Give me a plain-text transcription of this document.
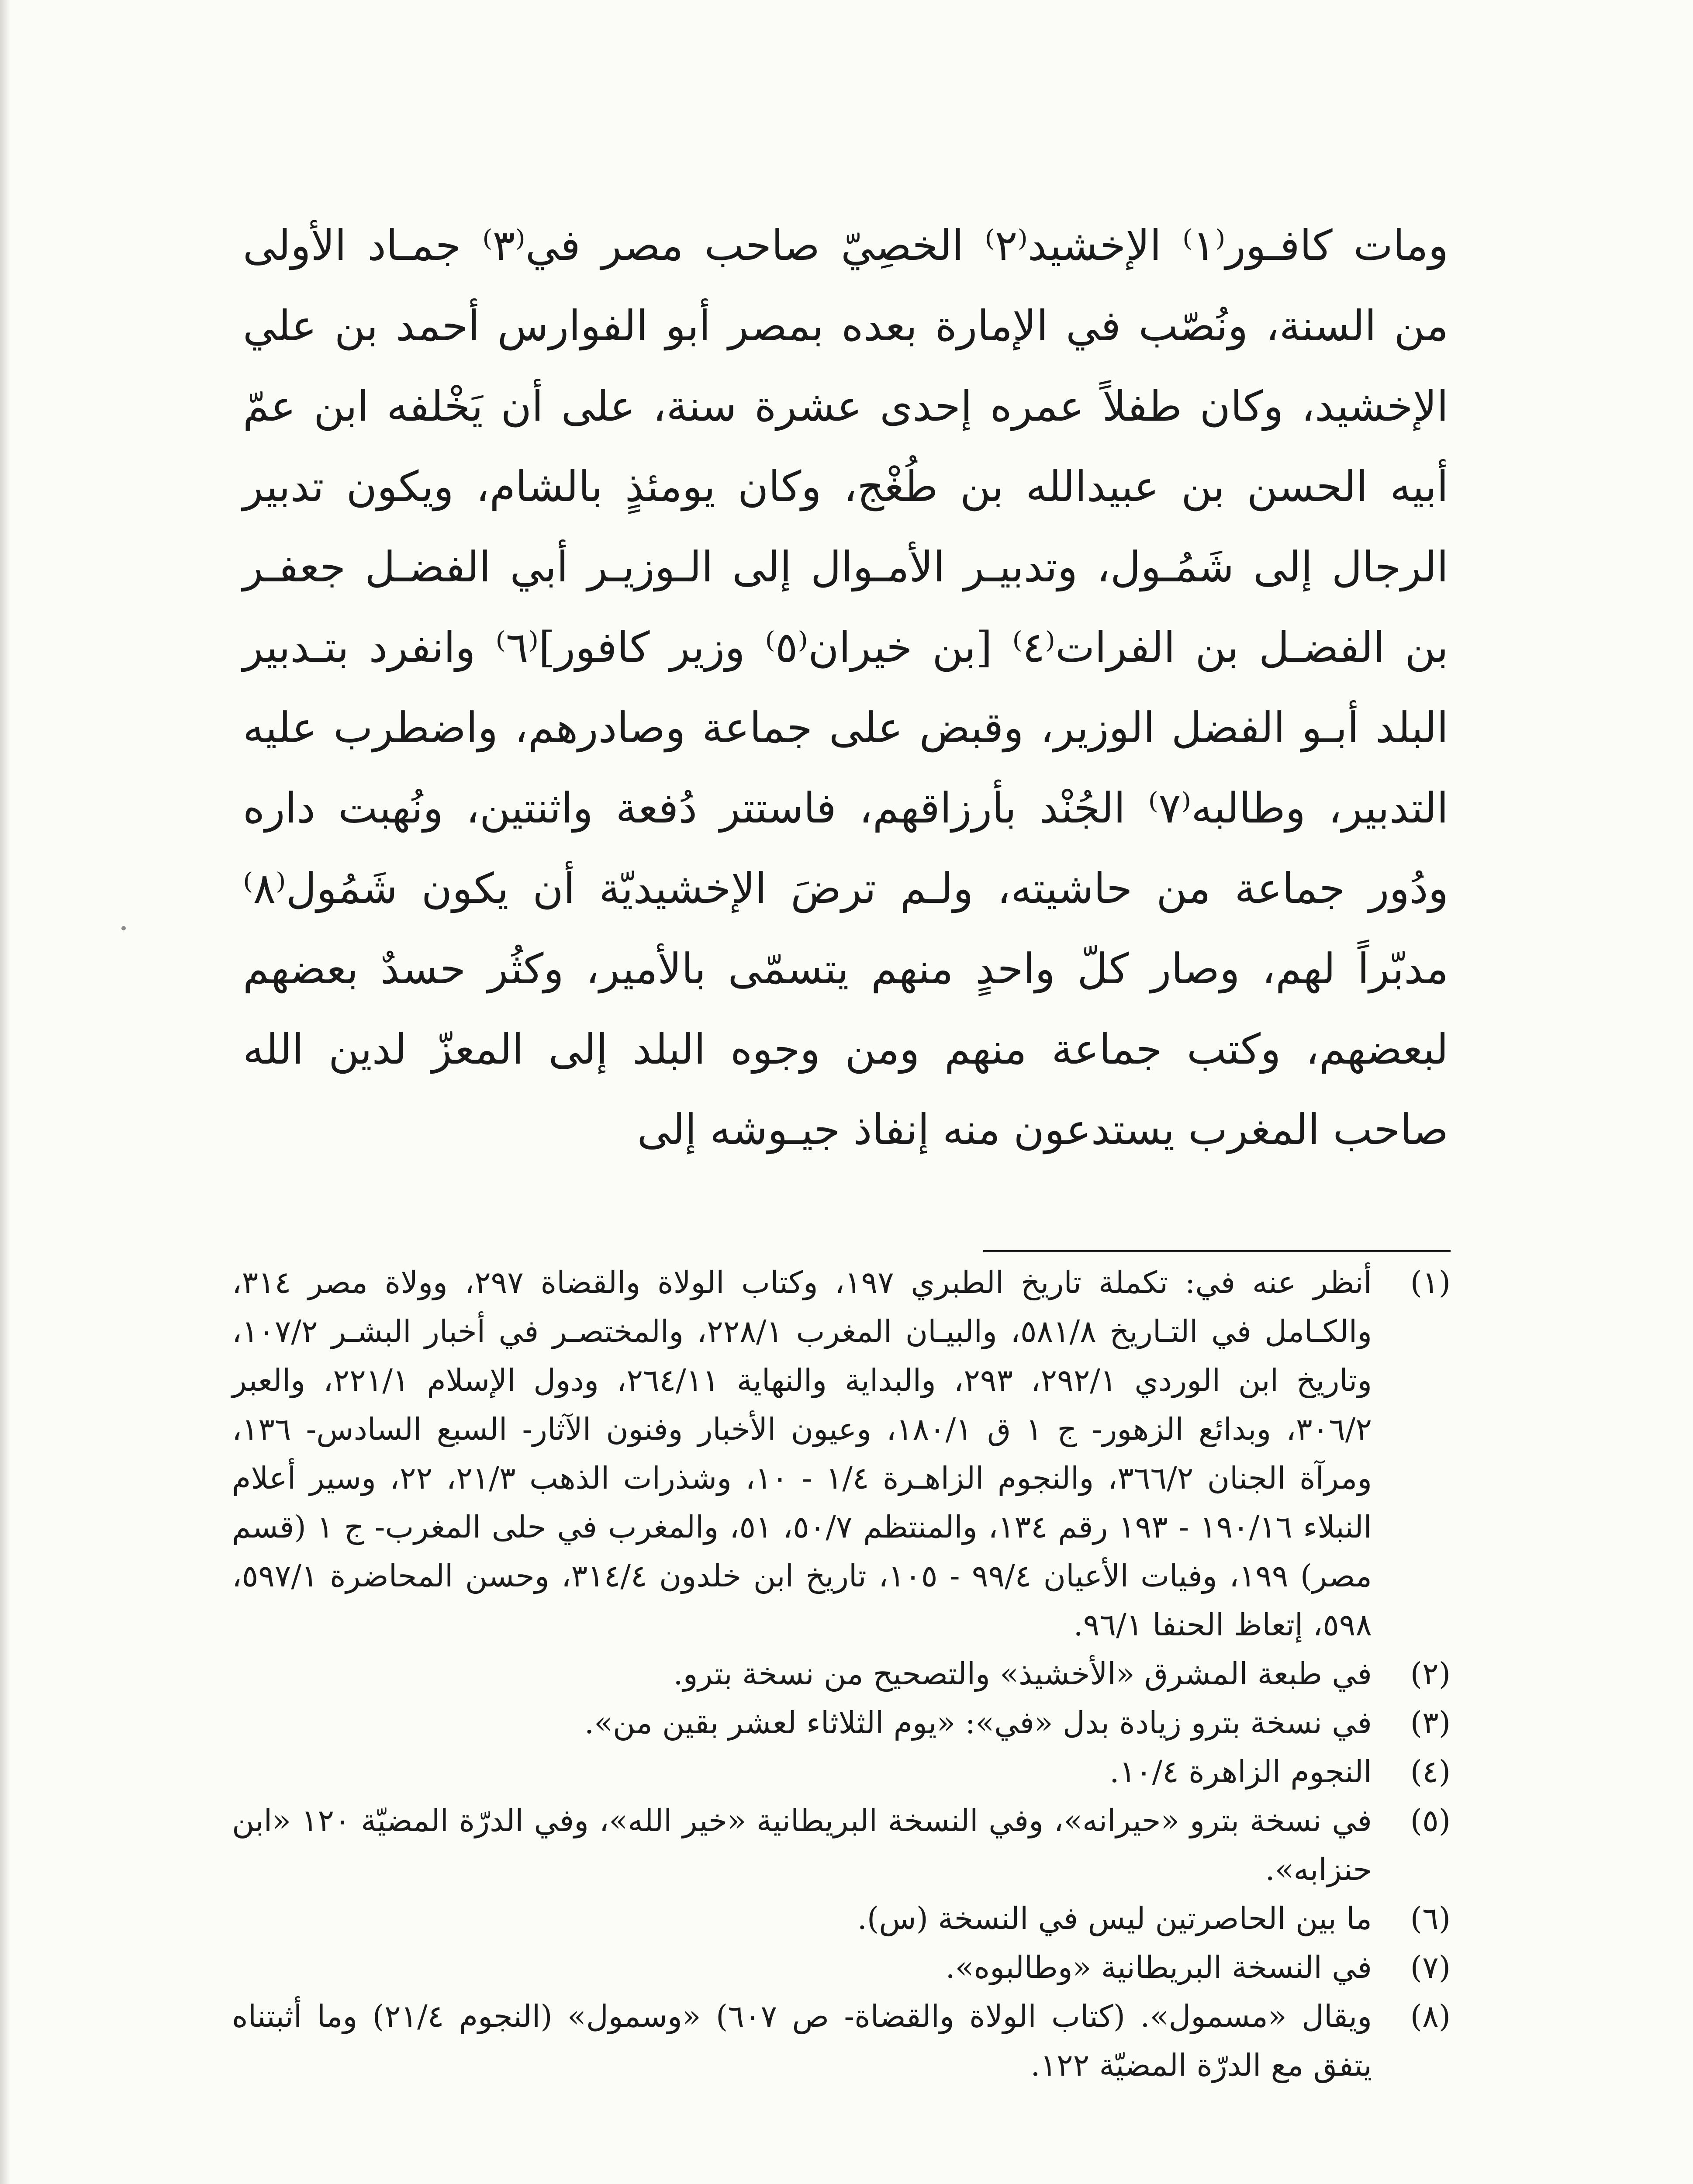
ومات كافـور⁽١⁾ الإخشيد⁽٢⁾ الخصِيّ صاحب مصر في⁽٣⁾ جمـاد الأولى من السنة، ونُصّب في الإمارة بعده بمصر أبو الفوارس أحمد بن علي الإخشيد، وكان طفلاً عمره إحدى عشرة سنة، على أن يَخْلفه ابن عمّ أبيه الحسن بن عبيدالله بن طُغْج، وكان يومئذٍ بالشام، ويكون تدبير الرجال إلى شَمُـول، وتدبيـر الأمـوال إلى الـوزيـر أبي الفضـل جعفـر بن الفضـل بن الفرات⁽٤⁾ [بن خيران⁽٥⁾ وزير كافور]⁽٦⁾ وانفرد بتـدبير البلد أبـو الفضل الوزير، وقبض على جماعة وصادرهم، واضطرب عليه التدبير، وطالبه⁽٧⁾ الجُنْد بأرزاقهم، فاستتر دُفعة واثنتين، ونُهبت داره ودُور جماعة من حاشيته، ولـم ترضَ الإخشيديّة أن يكون شَمُول⁽٨⁾ مدبّراً لهم، وصار كلّ واحدٍ منهم يتسمّى بالأمير، وكثُر حسدٌ بعضهم لبعضهم، وكتب جماعة منهم ومن وجوه البلد إلى المعزّ لدين الله صاحب المغرب يستدعون منه إنفاذ جيـوشه إلى

(١)
أنظر عنه في: تكملة تاريخ الطبري ١٩٧، وكتاب الولاة والقضاة ٢٩٧، وولاة مصر ٣١٤، والكـامل في التـاريخ ٥٨١/٨، والبيـان المغرب ٢٢٨/١، والمختصـر في أخبار البشـر ١٠٧/٢، وتاريخ ابن الوردي ٢٩٢/١، ٢٩٣، والبداية والنهاية ٢٦٤/١١، ودول الإسلام ٢٢١/١، والعبر ٣٠٦/٢، وبدائع الزهور- ج ١ ق ١٨٠/١، وعيون الأخبار وفنون الآثار- السبع السادس- ١٣٦، ومرآة الجنان ٣٦٦/٢، والنجوم الزاهـرة ١/٤ - ١٠، وشذرات الذهب ٢١/٣، ٢٢، وسير أعلام النبلاء ١٩٠/١٦ - ١٩٣ رقم ١٣٤، والمنتظم ٥٠/٧، ٥١، والمغرب في حلى المغرب- ج ١ (قسم مصر) ١٩٩، وفيات الأعيان ٩٩/٤ - ١٠٥، تاريخ ابن خلدون ٣١٤/٤، وحسن المحاضرة ٥٩٧/١، ٥٩٨، إتعاظ الحنفا ٩٦/١.
(٢)
في طبعة المشرق «الأخشيذ» والتصحيح من نسخة بترو.
(٣)
في نسخة بترو زيادة بدل «في»: «يوم الثلاثاء لعشر بقين من».
(٤)
النجوم الزاهرة ١٠/٤.
(٥)
في نسخة بترو «حيرانه»، وفي النسخة البريطانية «خير الله»، وفي الدرّة المضيّة ١٢٠ «ابن حنزابه».
(٦)
ما بين الحاصرتين ليس في النسخة (س).
(٧)
في النسخة البريطانية «وطالبوه».
(٨)
ويقال «مسمول». (كتاب الولاة والقضاة- ص ٦٠٧) «وسمول» (النجوم ٢١/٤) وما أثبتناه يتفق مع الدرّة المضيّة ١٢٢.
